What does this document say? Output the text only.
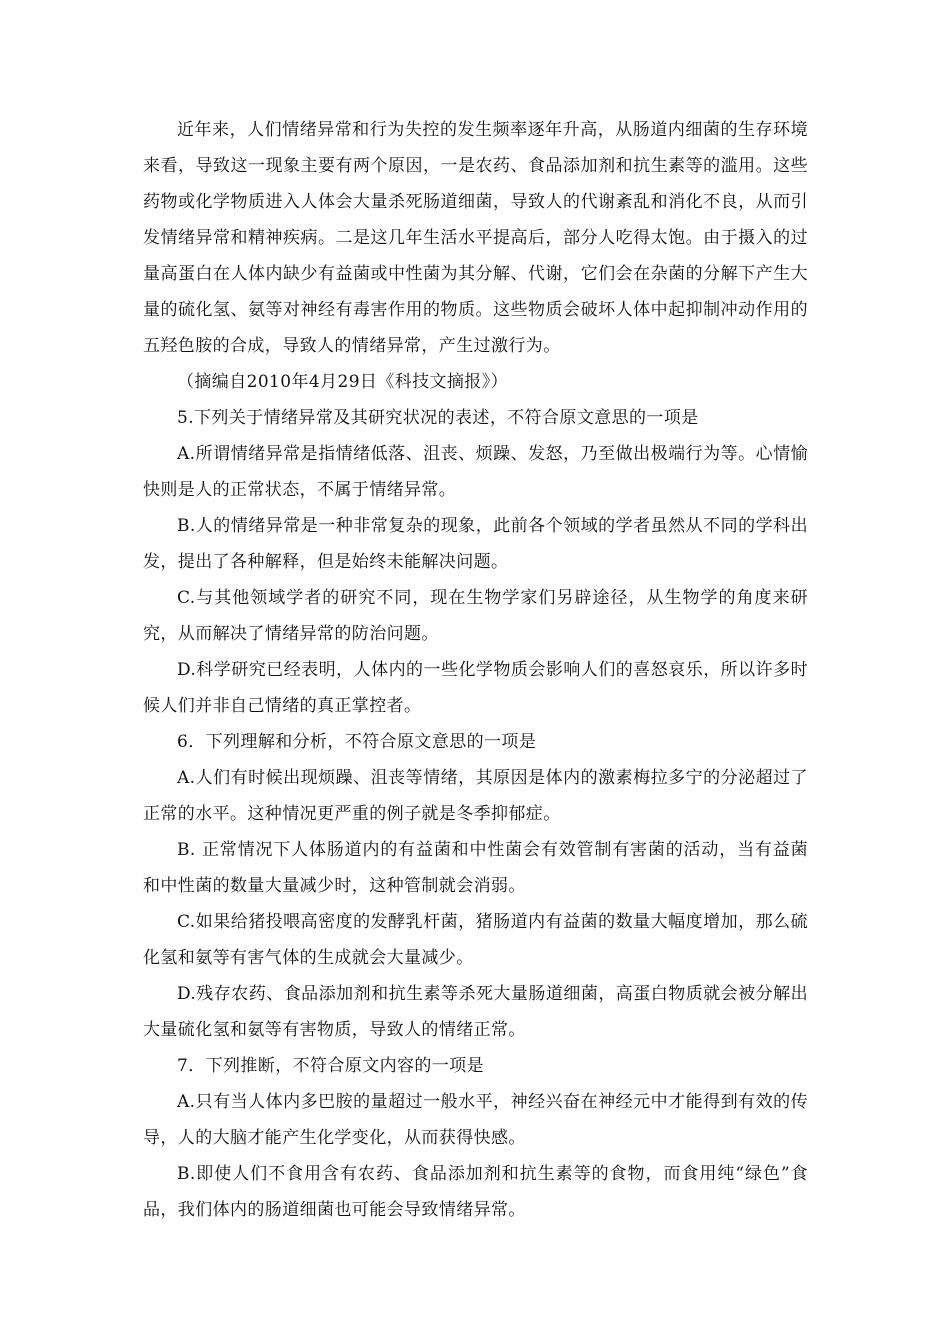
近年来，人们情绪异常和行为失控的发生频率逐年升高，从肠道内细菌的生存环境来看，导致这一现象主要有两个原因，一是农药、食品添加剂和抗生素等的滥用。这些药物或化学物质进入人体会大量杀死肠道细菌，导致人的代谢紊乱和消化不良，从而引发情绪异常和精神疾病。二是这几年生活水平提高后，部分人吃得太饱。由于摄入的过量高蛋白在人体内缺少有益菌或中性菌为其分解、代谢，它们会在杂菌的分解下产生大量的硫化氢、氨等对神经有毒害作用的物质。这些物质会破坏人体中起抑制冲动作用的五羟色胺的合成，导致人的情绪异常，产生过激行为。

（摘编自2010年4月29日《科技文摘报》）

5.下列关于情绪异常及其研究状况的表述，不符合原文意思的一项是

A.所谓情绪异常是指情绪低落、沮丧、烦躁、发怒，乃至做出极端行为等。心情愉快则是人的正常状态，不属于情绪异常。

B.人的情绪异常是一种非常复杂的现象，此前各个领域的学者虽然从不同的学科出发，提出了各种解释，但是始终未能解决问题。

C.与其他领域学者的研究不同，现在生物学家们另辟途径，从生物学的角度来研究，从而解决了情绪异常的防治问题。

D.科学研究已经表明，人体内的一些化学物质会影响人们的喜怒哀乐，所以许多时候人们并非自己情绪的真正掌控者。

6．下列理解和分析，不符合原文意思的一项是

A.人们有时候出现烦躁、沮丧等情绪，其原因是体内的激素梅拉多宁的分泌超过了正常的水平。这种情况更严重的例子就是冬季抑郁症。

B. 正常情况下人体肠道内的有益菌和中性菌会有效管制有害菌的活动，当有益菌和中性菌的数量大量减少时，这种管制就会消弱。

C.如果给猪投喂高密度的发酵乳杆菌，猪肠道内有益菌的数量大幅度增加，那么硫化氢和氨等有害气体的生成就会大量减少。

D.残存农药、食品添加剂和抗生素等杀死大量肠道细菌，高蛋白物质就会被分解出大量硫化氢和氨等有害物质，导致人的情绪正常。

7．下列推断，不符合原文内容的一项是

A.只有当人体内多巴胺的量超过一般水平，神经兴奋在神经元中才能得到有效的传导，人的大脑才能产生化学变化，从而获得快感。

B.即使人们不食用含有农药、食品添加剂和抗生素等的食物，而食用纯“绿色”食品，我们体内的肠道细菌也可能会导致情绪异常。
